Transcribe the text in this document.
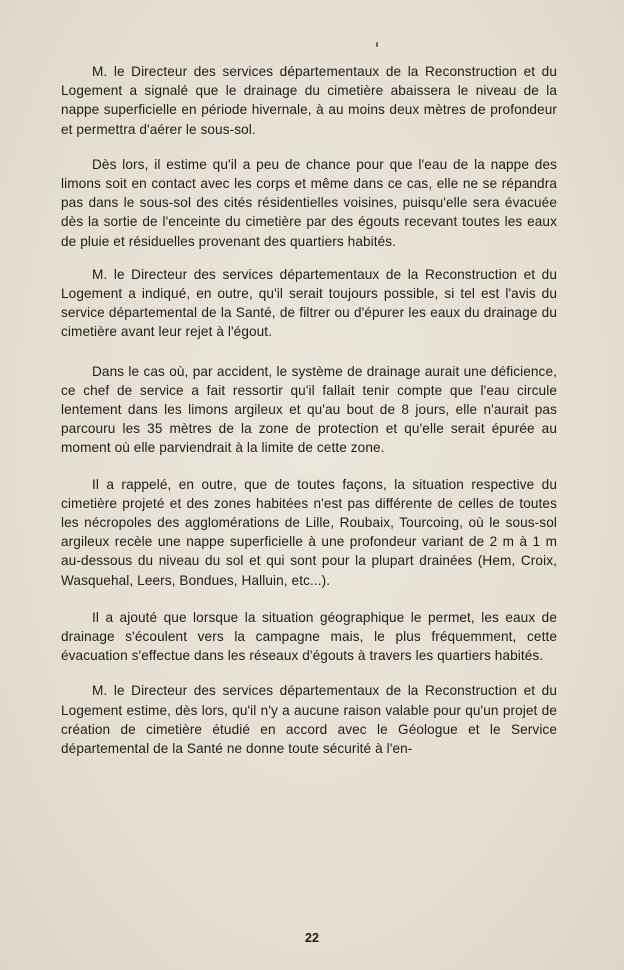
M. le Directeur des services départementaux de la Reconstruction et du Logement a signalé que le drainage du cimetière abaissera le niveau de la nappe superficielle en période hivernale, à au moins deux mètres de profondeur et permettra d'aérer le sous-sol.

Dès lors, il estime qu'il a peu de chance pour que l'eau de la nappe des limons soit en contact avec les corps et même dans ce cas, elle ne se répandra pas dans le sous-sol des cités résidentielles voisines, puisqu'elle sera évacuée dès la sortie de l'enceinte du cimetière par des égouts recevant toutes les eaux de pluie et résiduelles provenant des quartiers habités.

M. le Directeur des services départementaux de la Reconstruction et du Logement a indiqué, en outre, qu'il serait toujours possible, si tel est l'avis du service départemental de la Santé, de filtrer ou d'épurer les eaux du drainage du cimetière avant leur rejet à l'égout.

Dans le cas où, par accident, le système de drainage aurait une déficience, ce chef de service a fait ressortir qu'il fallait tenir compte que l'eau circule lentement dans les limons argileux et qu'au bout de 8 jours, elle n'aurait pas parcouru les 35 mètres de la zone de protection et qu'elle serait épurée au moment où elle parviendrait à la limite de cette zone.

Il a rappelé, en outre, que de toutes façons, la situation respective du cimetière projeté et des zones habitées n'est pas différente de celles de toutes les nécropoles des agglomérations de Lille, Roubaix, Tourcoing, où le sous-sol argileux recèle une nappe superficielle à une profondeur variant de 2 m à 1 m au-dessous du niveau du sol et qui sont pour la plupart drainées (Hem, Croix, Wasquehal, Leers, Bondues, Halluin, etc...).

Il a ajouté que lorsque la situation géographique le permet, les eaux de drainage s'écoulent vers la campagne mais, le plus fréquemment, cette évacuation s'effectue dans les réseaux d'égouts à travers les quartiers habités.

M. le Directeur des services départementaux de la Reconstruction et du Logement estime, dès lors, qu'il n'y a aucune raison valable pour qu'un projet de création de cimetière étudié en accord avec le Géologue et le Service départemental de la Santé ne donne toute sécurité à l'en-

22
